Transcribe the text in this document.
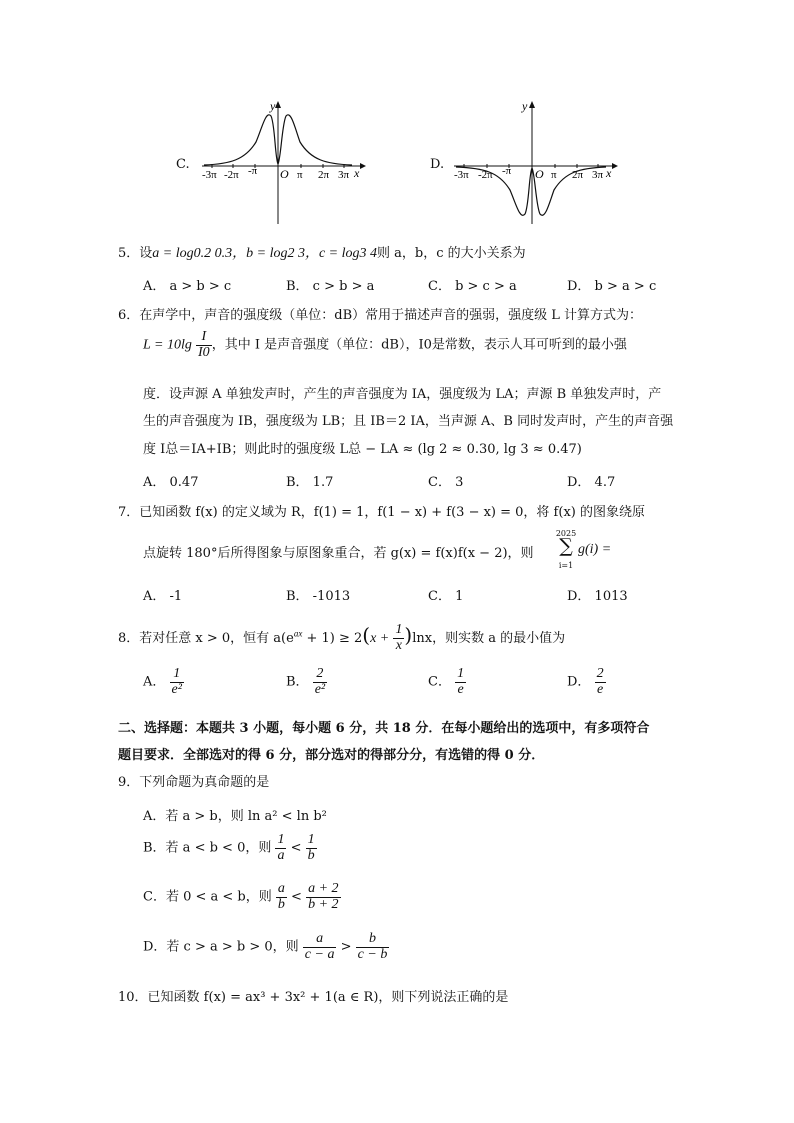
C.
y
x
O
-3π -2π -π	π 2π 3π
D.
y
x
O
-3π -2π -π	π 2π 3π
5．设a = log0.2 0.3，b = log2 3，c = log3 4则 a，b，c 的大小关系为
A． a > b > c	B． c > b > a	C． b > c > a	D． b > a > c
6．在声学中，声音的强度级（单位：dB）常用于描述声音的强弱，强度级 L 计算方式为：
$L = 10\lg \frac{I}{I0}$ ，其中 I 是声音强度（单位：dB），I0是常数，表示人耳可听到的最小强
度．设声源 A 单独发声时，产生的声音强度为 IA，强度级为 LA；声源 B 单独发声时，产
生的声音强度为 IB，强度级为 LB；且 IB＝2 IA，当声源 A、B 同时发声时，产生的声音强
度 I总＝IA+IB；则此时的强度级 L总 − LA ≈ (lg 2 ≈ 0.30, lg 3 ≈ 0.47)
A． 0.47	B． 1.7	C． 3	D． 4.7
7．已知函数 f(x) 的定义域为 R，f(1) = 1，f(1 − x) + f(3 − x) = 0，将 f(x) 的图象绕原
点旋转 180°后所得图象与原图象重合，若 g(x) = f(x)f(x − 2)，则
2025
∑
i=1
g(i) =
A． -1	B． -1013	C． 1	D． 1013
8．若对任意 x > 0，恒有 $a(e^{ax} + 1) \ge 2(x + \frac{1}{x} )\ln x$，则实数 a 的最小值为
A． $\frac{1}{\text{e²}}$	B． $\frac{2}{\text{e²}}$	C． $\frac{1}{e}$	D． $\frac{2}{e}$
二、选择题：本题共 3 小题，每小题 6 分，共 18 分．在每小题给出的选项中，有多项符合
题目要求．全部选对的得 6 分，部分选对的得部分分，有选错的得 0 分．
9．下列命题为真命题的是
A．若 a > b，则 ln a² < ln b²
B．若 a < b < 0，则 $\frac{1}{a} < \frac{1}{b}$
C．若 0 < a < b，则 $\frac{a}{b} < \frac{a + 2}{b + 2}$
D．若 c > a > b > 0，则 $\frac{a}{c - a} > \frac{b}{c - b}$
10．已知函数 f(x) = ax³ + 3x² + 1(a ∈ R)，则下列说法正确的是
